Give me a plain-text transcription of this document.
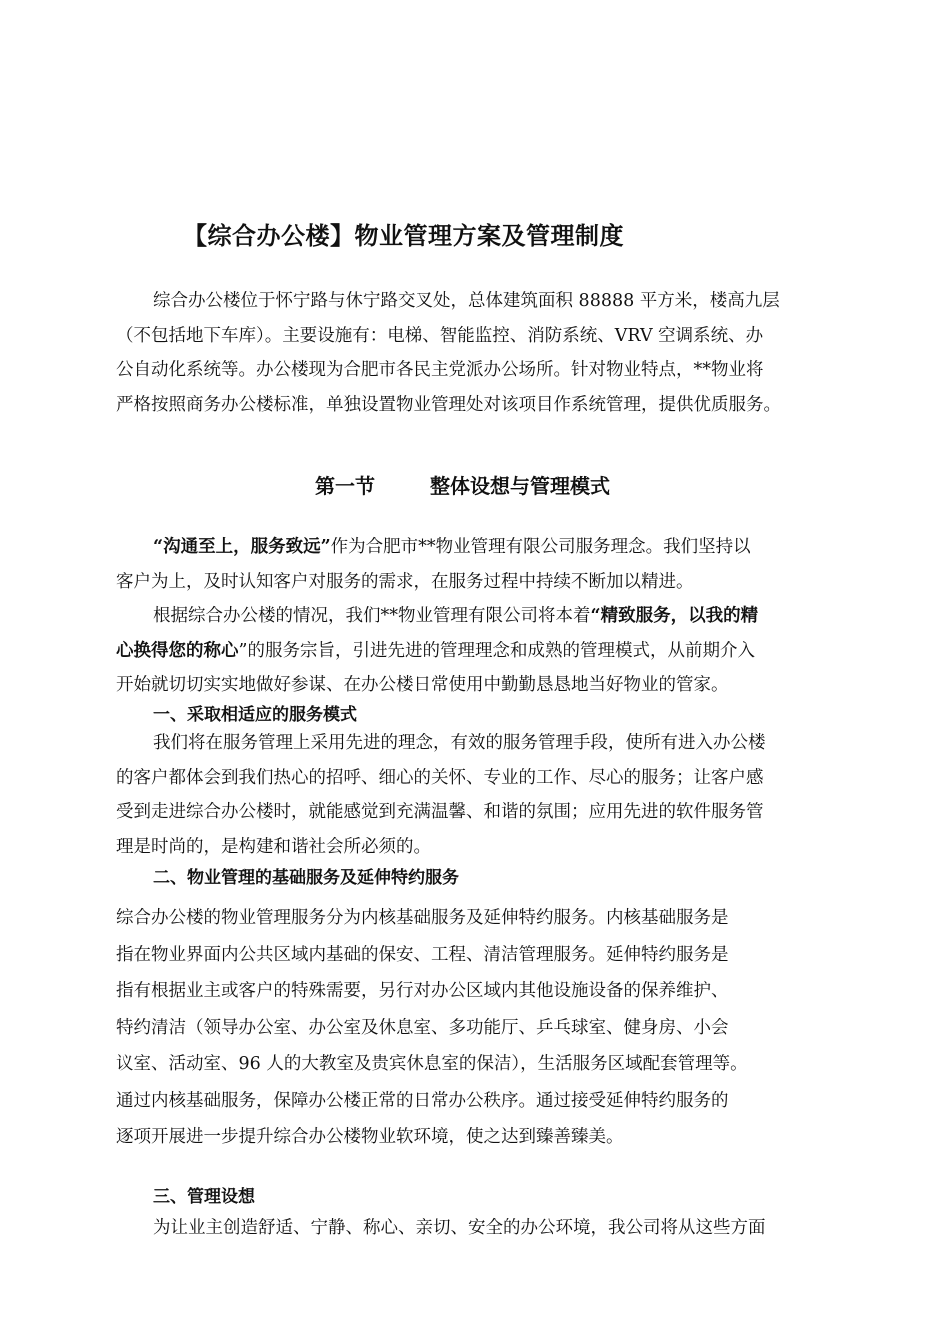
【综合办公楼】物业管理方案及管理制度
综合办公楼位于怀宁路与休宁路交叉处，总体建筑面积 88888 平方米，楼高九层
（不包括地下车库）。主要设施有：电梯、智能监控、消防系统、VRV 空调系统、办
公自动化系统等。办公楼现为合肥市各民主党派办公场所。针对物业特点，**物业将
严格按照商务办公楼标准，单独设置物业管理处对该项目作系统管理，提供优质服务。
第一节	整体设想与管理模式
“沟通至上，服务致远”作为合肥市**物业管理有限公司服务理念。我们坚持以
客户为上，及时认知客户对服务的需求，在服务过程中持续不断加以精进。
根据综合办公楼的情况，我们**物业管理有限公司将本着“精致服务，以我的精
心换得您的称心”的服务宗旨，引进先进的管理理念和成熟的管理模式，从前期介入
开始就切切实实地做好参谋、在办公楼日常使用中勤勤恳恳地当好物业的管家。
一、采取相适应的服务模式
我们将在服务管理上采用先进的理念，有效的服务管理手段，使所有进入办公楼
的客户都体会到我们热心的招呼、细心的关怀、专业的工作、尽心的服务；让客户感
受到走进综合办公楼时，就能感觉到充满温馨、和谐的氛围；应用先进的软件服务管
理是时尚的，是构建和谐社会所必须的。
二、物业管理的基础服务及延伸特约服务
综合办公楼的物业管理服务分为内核基础服务及延伸特约服务。内核基础服务是
指在物业界面内公共区域内基础的保安、工程、清洁管理服务。延伸特约服务是
指有根据业主或客户的特殊需要，另行对办公区域内其他设施设备的保养维护、
特约清洁（领导办公室、办公室及休息室、多功能厅、乒乓球室、健身房、小会
议室、活动室、96 人的大教室及贵宾休息室的保洁），生活服务区域配套管理等。
通过内核基础服务，保障办公楼正常的日常办公秩序。通过接受延伸特约服务的
逐项开展进一步提升综合办公楼物业软环境，使之达到臻善臻美。
三、管理设想
为让业主创造舒适、宁静、称心、亲切、安全的办公环境，我公司将从这些方面
